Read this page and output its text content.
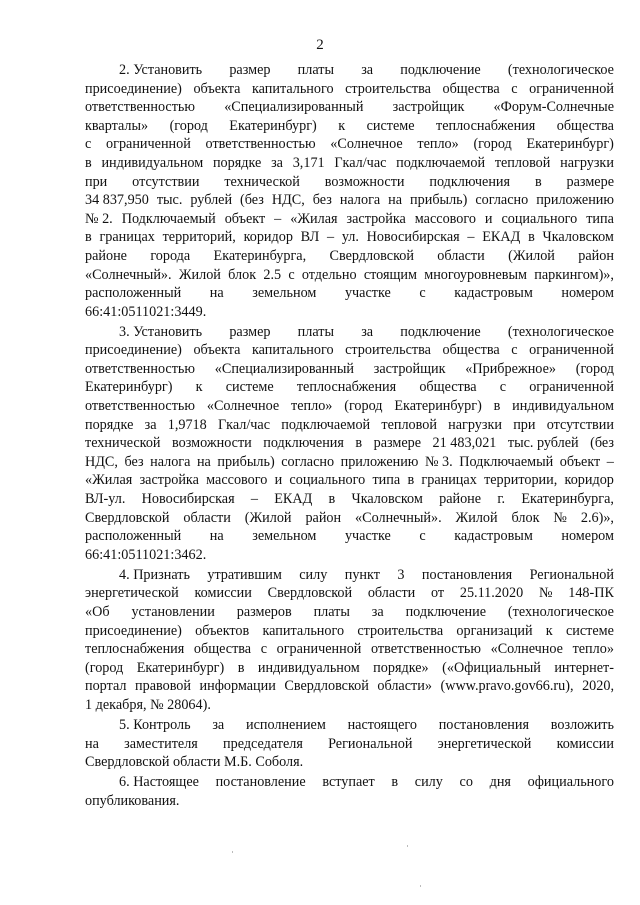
2
2. Установить размер платы за подключение (технологическое
присоединение) объекта капитального строительства общества с ограниченной
ответственностью «Специализированный застройщик «Форум-Солнечные
кварталы» (город Екатеринбург) к системе теплоснабжения общества
с ограниченной ответственностью «Солнечное тепло» (город Екатеринбург)
в индивидуальном порядке за 3,171 Гкал/час подключаемой тепловой нагрузки
при отсутствии технической возможности подключения в размере
34 837,950 тыс. рублей (без НДС, без налога на прибыль) согласно приложению
№ 2. Подключаемый объект – «Жилая застройка массового и социального типа
в границах территорий, коридор ВЛ – ул. Новосибирская – ЕКАД в Чкаловском
районе города Екатеринбурга, Свердловской области (Жилой район
«Солнечный». Жилой блок 2.5 с отдельно стоящим многоуровневым паркингом)»,
расположенный на земельном участке с кадастровым номером
66:41:0511021:3449.
3. Установить размер платы за подключение (технологическое
присоединение) объекта капитального строительства общества с ограниченной
ответственностью «Специализированный застройщик «Прибрежное» (город
Екатеринбург) к системе теплоснабжения общества с ограниченной
ответственностью «Солнечное тепло» (город Екатеринбург) в индивидуальном
порядке за 1,9718 Гкал/час подключаемой тепловой нагрузки при отсутствии
технической возможности подключения в размере 21 483,021 тыс. рублей (без
НДС, без налога на прибыль) согласно приложению № 3. Подключаемый объект –
«Жилая застройка массового и социального типа в границах территории, коридор
ВЛ-ул. Новосибирская – ЕКАД в Чкаловском районе г. Екатеринбурга,
Свердловской области (Жилой район «Солнечный». Жилой блок № 2.6)»,
расположенный на земельном участке с кадастровым номером
66:41:0511021:3462.
4. Признать утратившим силу пункт 3 постановления Региональной
энергетической комиссии Свердловской области от 25.11.2020 № 148-ПК
«Об установлении размеров платы за подключение (технологическое
присоединение) объектов капитального строительства организаций к системе
теплоснабжения общества с ограниченной ответственностью «Солнечное тепло»
(город Екатеринбург) в индивидуальном порядке» («Официальный интернет-
портал правовой информации Свердловской области» (www.pravo.gov66.ru), 2020,
1 декабря, № 28064).
5. Контроль за исполнением настоящего постановления возложить
на заместителя председателя Региональной энергетической комиссии
Свердловской области М.Б. Соболя.
6. Настоящее постановление вступает в силу со дня официального
опубликования.
